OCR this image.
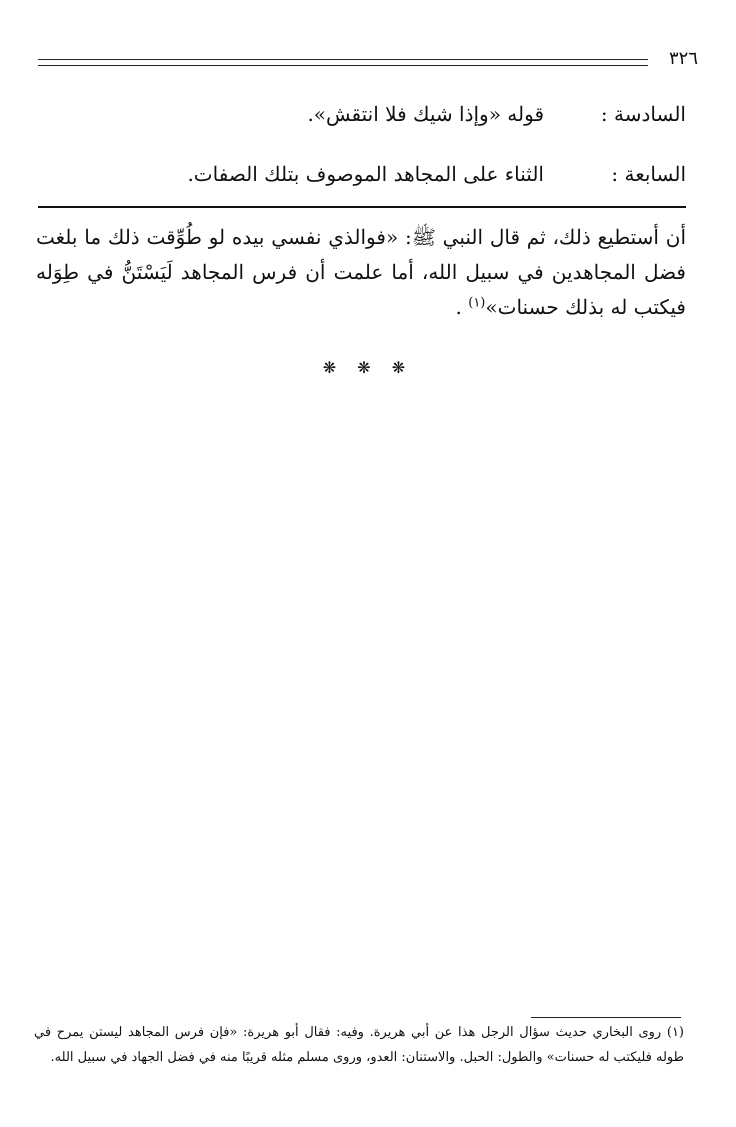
٣٢٦
السادسة :
قوله «وإذا شيك فلا انتقش».
السابعة :
الثناء على المجاهد الموصوف بتلك الصفات.
أن أستطيع ذلك، ثم قال النبي ﷺ: «فوالذي نفسي بيده لو طُوِّقت ذلك ما بلغت فضل المجاهدين في سبيل الله، أما علمت أن فرس المجاهد لَيَسْتَنُّ في طِوَله فيكتب له بذلك حسنات»$^{(١)}$ .
❋ ❋ ❋
(١) روى البخاري حديث سؤال الرجل هذا عن أبي هريرة. وفيه: فقال أبو هريرة: «فإن فرس المجاهد ليستن يمرح في طوله فليكتب له حسنات» والطول: الحبل. والاستنان: العدو، وروى مسلم مثله قريبًا منه في فضل الجهاد في سبيل الله.
